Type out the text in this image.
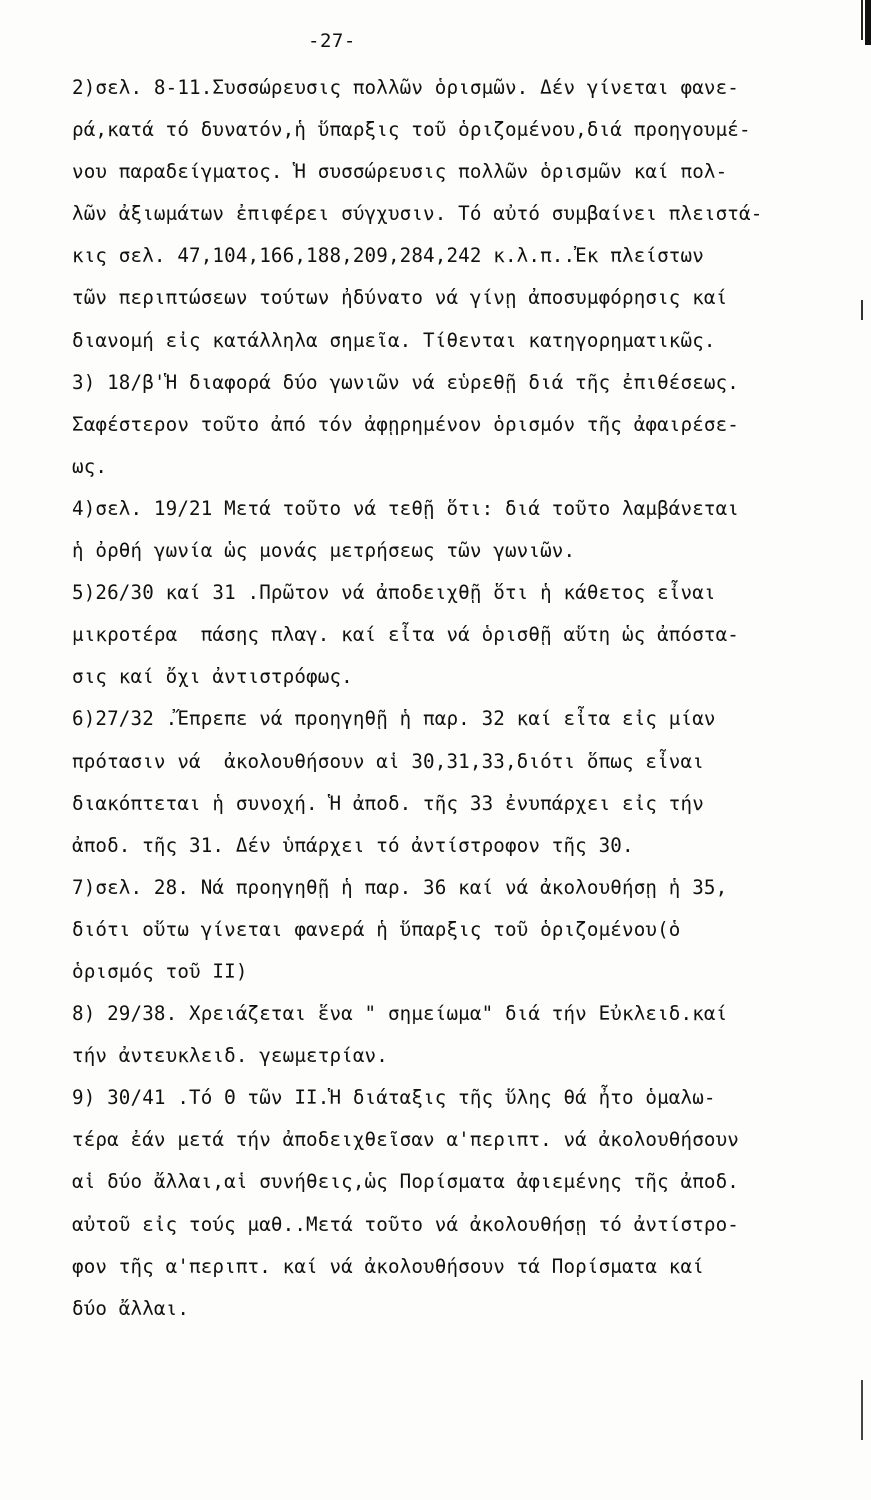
-27-
2)σελ. 8-11.Συσσώρευσις πολλῶν ὁρισμῶν. Δέν γίνεται φανε-
ρά,κατά τό δυνατόν,ἡ ὕπαρξις τοῦ ὁριζομένου,διά προηγουμέ-
νου παραδείγματος. Ἡ συσσώρευσις πολλῶν ὁρισμῶν καί πολ-
λῶν ἀξιωμάτων ἐπιφέρει σύγχυσιν. Τό αὐτό συμβαίνει πλειστά-
κις σελ. 47,104,166,188,209,284,242 κ.λ.π..Ἐκ πλείστων
τῶν περιπτώσεων τούτων ἠδύνατο νά γίνῃ ἀποσυμφόρησις καί
διανομή εἰς κατάλληλα σημεῖα. Τίθενται κατηγορηματικῶς.
3) 18/β'Ἡ διαφορά δύο γωνιῶν νά εὑρεθῇ διά τῆς ἐπιθέσεως.
Σαφέστερον τοῦτο ἀπό τόν ἀφῃρημένον ὁρισμόν τῆς ἀφαιρέσε-
ως.
4)σελ. 19/21 Μετά τοῦτο νά τεθῇ ὅτι: διά τοῦτο λαμβάνεται
ἡ ὀρθή γωνία ὡς μονάς μετρήσεως τῶν γωνιῶν.
5)26/30 καί 31 .Πρῶτον νά ἀποδειχθῇ ὅτι ἡ κάθετος εἶναι
μικροτέρα  πάσης πλαγ. καί εἶτα νά ὁρισθῇ αὕτη ὡς ἀπόστα-
σις καί ὄχι ἀντιστρόφως.
6)27/32 .Ἔπρεπε νά προηγηθῇ ἡ παρ. 32 καί εἶτα εἰς μίαν
πρότασιν νά  ἀκολουθήσουν αἱ 30,31,33,διότι ὅπως εἶναι
διακόπτεται ἡ συνοχή. Ἡ ἀποδ. τῆς 33 ἐνυπάρχει εἰς τήν
ἀποδ. τῆς 31. Δέν ὑπάρχει τό ἀντίστροφον τῆς 30.
7)σελ. 28. Νά προηγηθῇ ἡ παρ. 36 καί νά ἀκολουθήσῃ ἡ 35,
διότι οὕτω γίνεται φανερά ἡ ὕπαρξις τοῦ ὁριζομένου(ὁ
ὁρισμός τοῦ ΙΙ)
8) 29/38. Χρειάζεται ἕνα " σημείωμα" διά τήν Εὐκλειδ.καί
τήν ἀντευκλειδ. γεωμετρίαν.
9) 30/41 .Τό Θ τῶν ΙΙ.Ἡ διάταξις τῆς ὕλης θά ἦτο ὁμαλω-
τέρα ἐάν μετά τήν ἀποδειχθεῖσαν α'περιπτ. νά ἀκολουθήσουν
αἱ δύο ἄλλαι,αἱ συνήθεις,ὡς Πορίσματα ἀφιεμένης τῆς ἀποδ.
αὐτοῦ εἰς τούς μαθ..Μετά τοῦτο νά ἀκολουθήσῃ τό ἀντίστρο-
φον τῆς α'περιπτ. καί νά ἀκολουθήσουν τά Πορίσματα καί
δύο ἄλλαι.
